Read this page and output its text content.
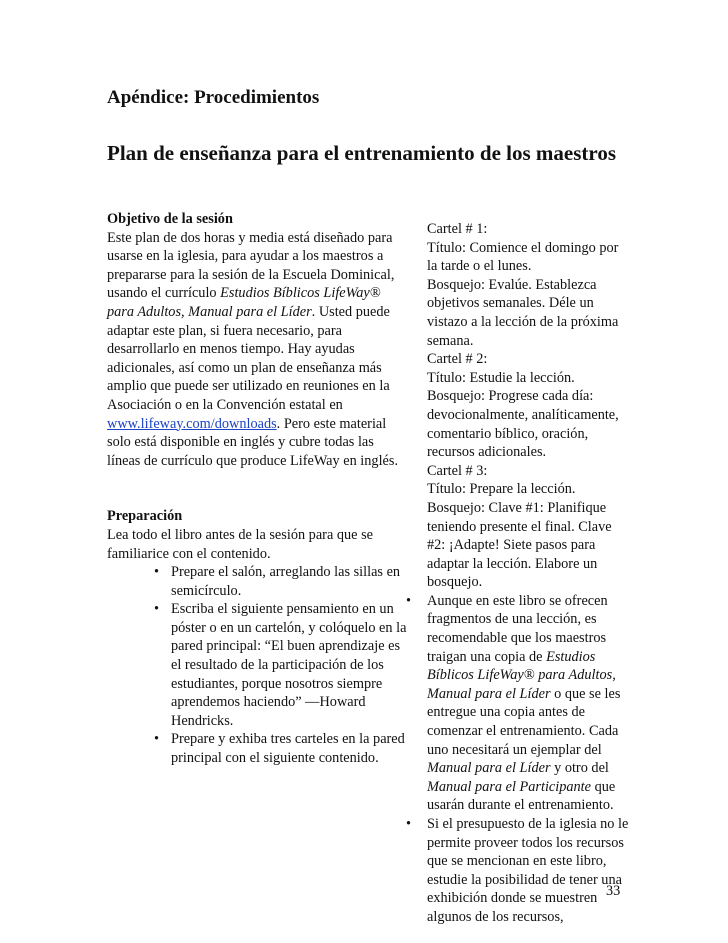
Apéndice: Procedimientos
Plan de enseñanza para el entrenamiento de los maestros
Objetivo de la sesión

Este plan de dos horas y media está diseñado para usarse en la iglesia, para ayudar a los maestros a prepararse para la sesión de la Escuela Dominical, usando el currículo Estudios Bíblicos LifeWay® para Adultos, Manual para el Líder. Usted puede adaptar este plan, si fuera necesario, para desarrollarlo en menos tiempo. Hay ayudas adicionales, así como un plan de enseñanza más amplio que puede ser utilizado en reuniones en la Asociación o en la Convención estatal en www.lifeway.com/downloads. Pero este material solo está disponible en inglés y cubre todas las líneas de currículo que produce LifeWay en inglés.

Preparación

Lea todo el libro antes de la sesión para que se familiarice con el contenido.

• Prepare el salón, arreglando las sillas en semicírculo.
• Escriba el siguiente pensamiento en un póster o en un cartelón, y colóquelo en la pared principal: “El buen aprendizaje es el resultado de la participación de los estudiantes, porque nosotros siempre aprendemos haciendo” —Howard Hendricks.
• Prepare y exhiba tres carteles en la pared principal con el siguiente contenido.
Cartel # 1:
Título: Comience el domingo por la tarde o el lunes.
Bosquejo: Evalúe. Establezca objetivos semanales. Déle un vistazo a la lección de la próxima semana.
Cartel # 2:
Título: Estudie la lección.
Bosquejo: Progrese cada día: devocionalmente, analíticamente, comentario bíblico, oración, recursos adicionales.
Cartel # 3:
Título: Prepare la lección.
Bosquejo: Clave #1: Planifique teniendo presente el final. Clave #2: ¡Adapte! Siete pasos para adaptar la lección. Elabore un bosquejo.
• Aunque en este libro se ofrecen fragmentos de una lección, es recomendable que los maestros traigan una copia de Estudios Bíblicos LifeWay® para Adultos, Manual para el Líder o que se les entregue una copia antes de comenzar el entrenamiento. Cada uno necesitará un ejemplar del Manual para el Líder y otro del Manual para el Participante que usarán durante el entrenamiento.
• Si el presupuesto de la iglesia no le permite proveer todos los recursos que se mencionan en este libro, estudie la posibilidad de tener una exhibición donde se muestren algunos de los recursos,
33
